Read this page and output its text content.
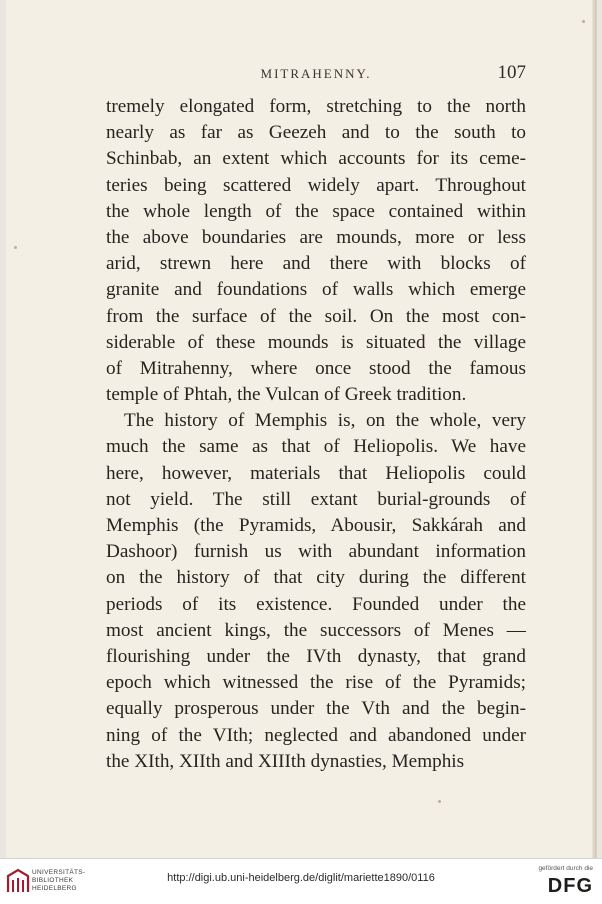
MITRAHENNY.	107
tremely elongated form, stretching to the north
nearly as far as Geezeh and to the south to
Schinbab, an extent which accounts for its ceme-
teries being scattered widely apart. Throughout
the whole length of the space contained within
the above boundaries are mounds, more or less
arid, strewn here and there with blocks of
granite and foundations of walls which emerge
from the surface of the soil. On the most con-
siderable of these mounds is situated the village
of Mitrahenny, where once stood the famous
temple of Phtah, the Vulcan of Greek tradition.
The history of Memphis is, on the whole, very
much the same as that of Heliopolis. We have
here, however, materials that Heliopolis could
not yield. The still extant burial-grounds of
Memphis (the Pyramids, Abousir, Sakkárah and
Dashoor) furnish us with abundant information
on the history of that city during the different
periods of its existence. Founded under the
most ancient kings, the successors of Menes —
flourishing under the IVth dynasty, that grand
epoch which witnessed the rise of the Pyramids;
equally prosperous under the Vth and the begin-
ning of the VIth; neglected and abandoned under
the XIth, XIIth and XIIIth dynasties, Memphis
UNIVERSITÄTS-
BIBLIOTHEK
HEIDELBERG
http://digi.ub.uni-heidelberg.de/diglit/mariette1890/0116
gefördert durch die
DFG
